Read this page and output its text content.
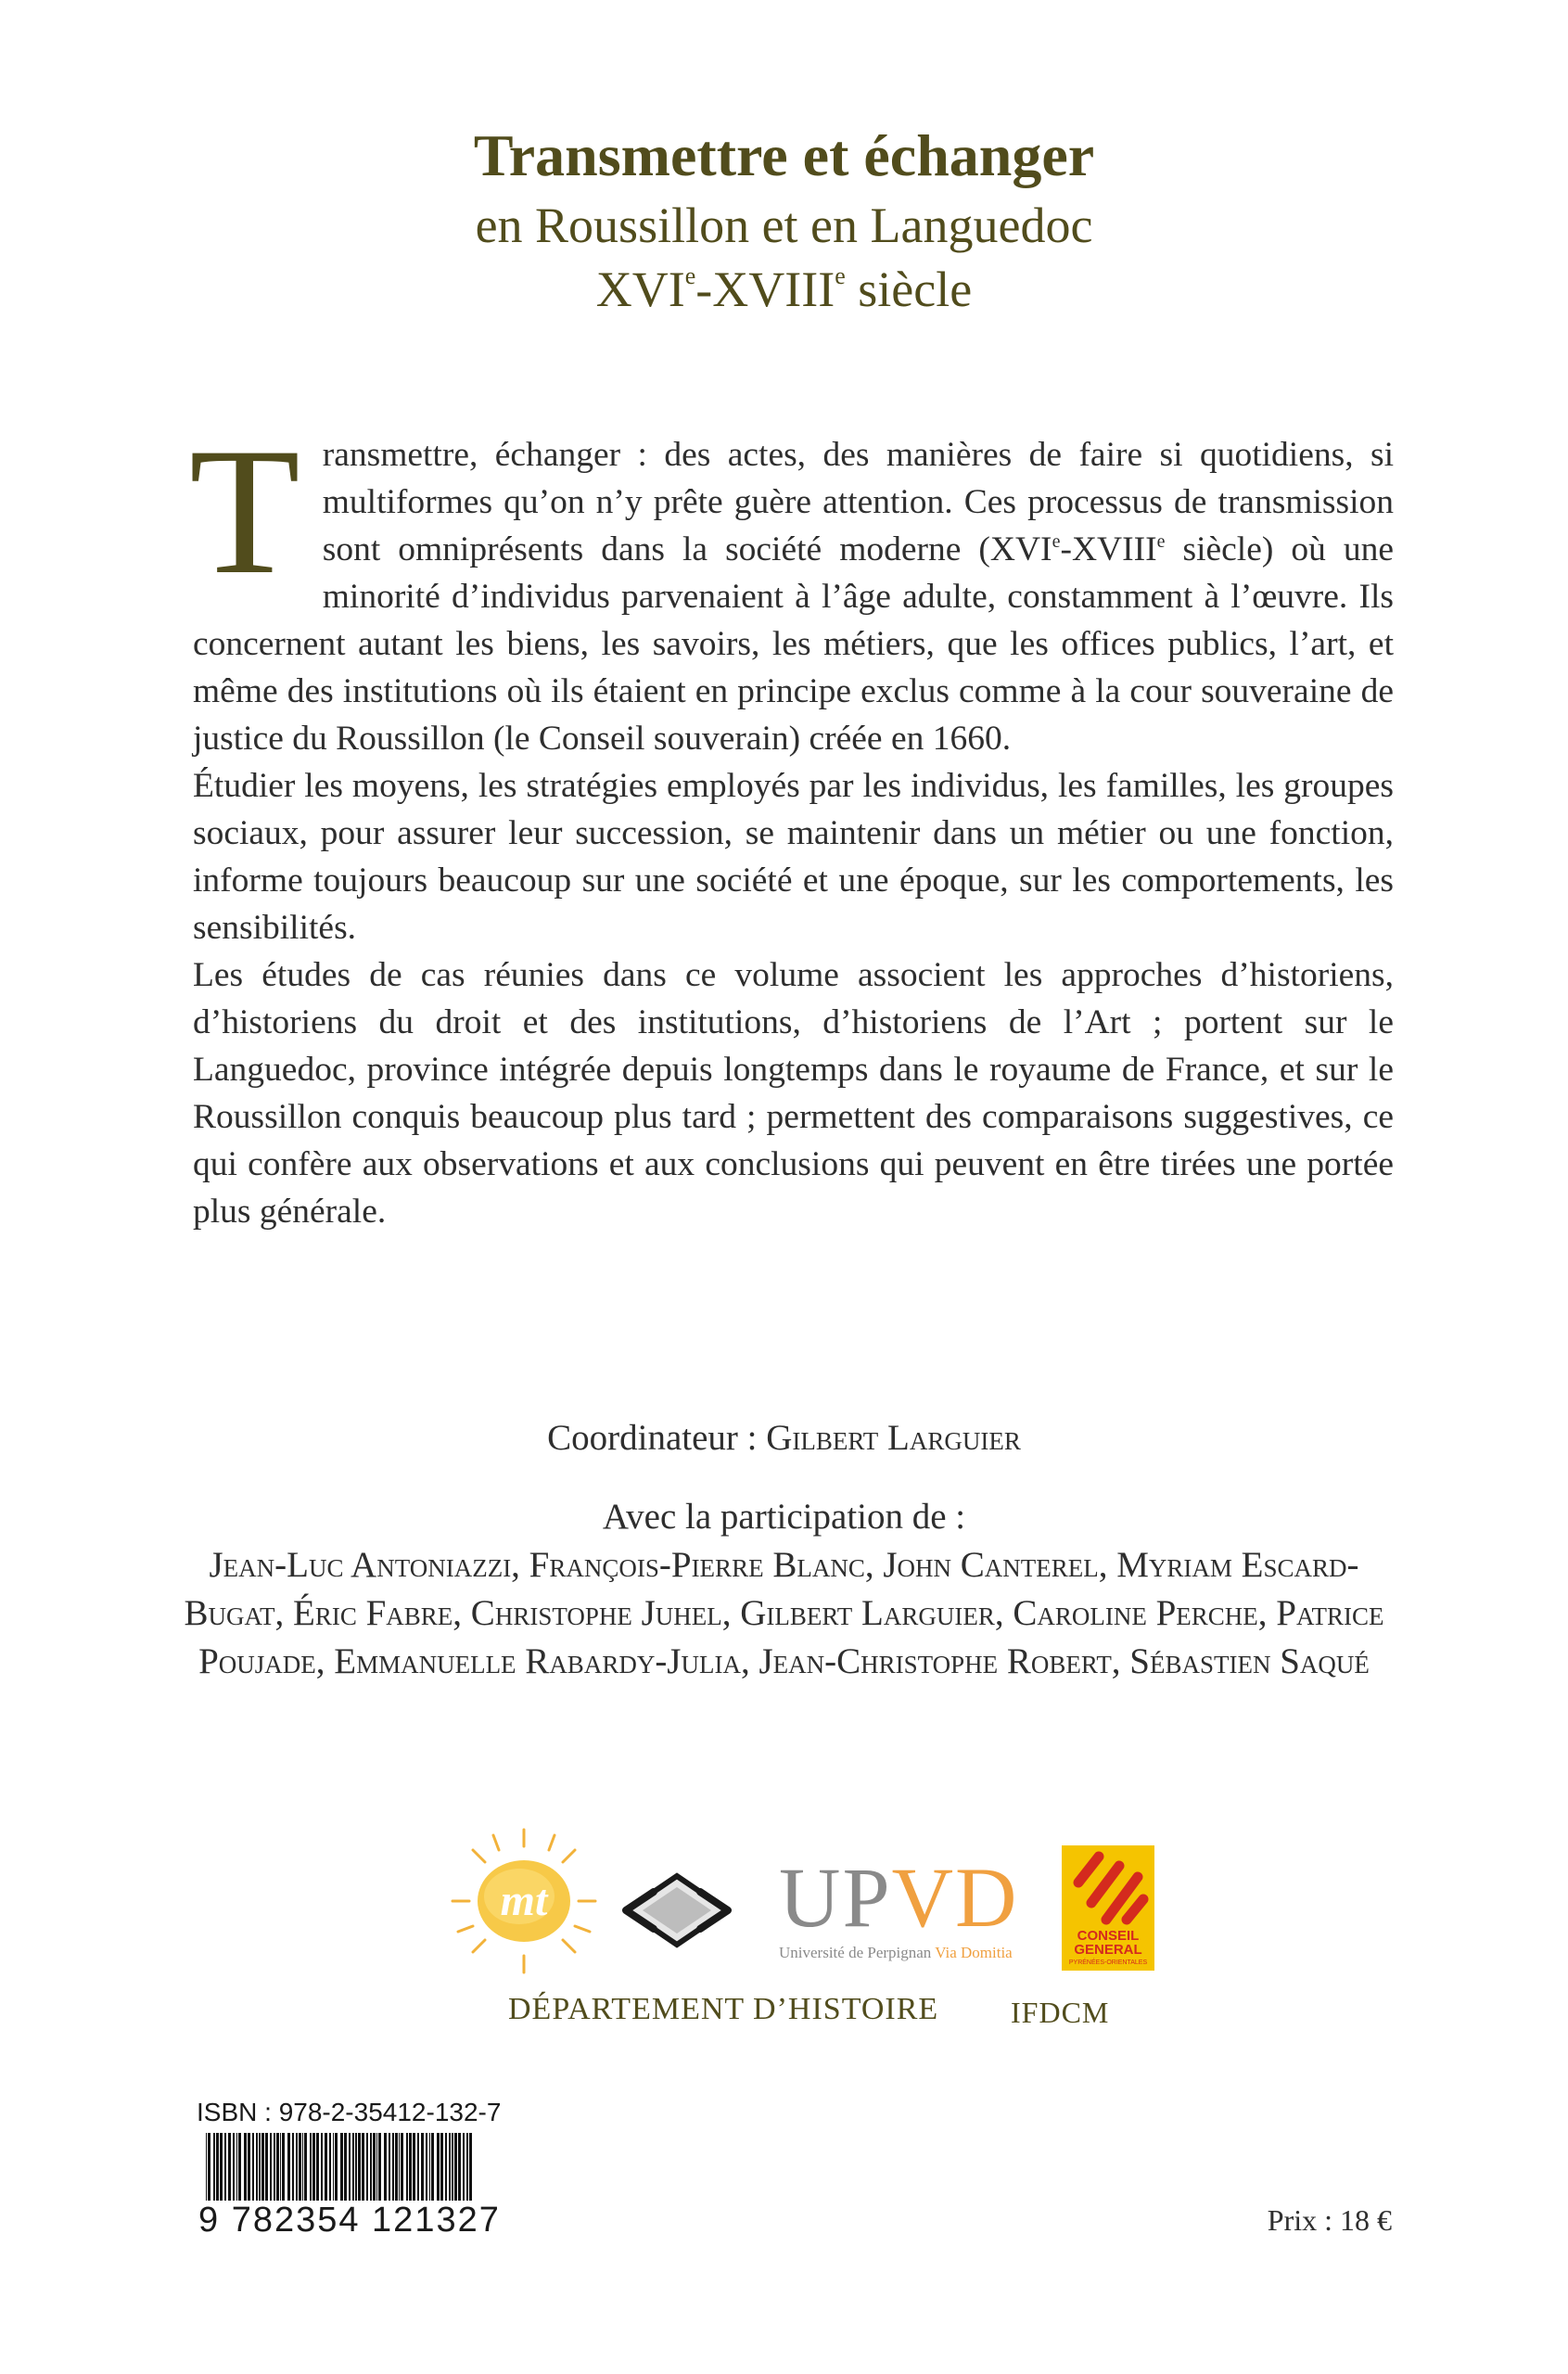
Transmettre et échanger
en Roussillon et en Languedoc
XVIe-XVIIIe siècle

Transmettre, échanger : des actes, des manières de faire si quotidiens, si multiformes qu’on n’y prête guère attention. Ces processus de transmission sont omniprésents dans la société moderne (XVIe-XVIIIe siècle) où une minorité d’individus parvenaient à l’âge adulte, constamment à l’œuvre. Ils concernent autant les biens, les savoirs, les métiers, que les offices publics, l’art, et même des institutions où ils étaient en principe exclus comme à la cour souveraine de justice du Roussillon (le Conseil souverain) créée en 1660.

Étudier les moyens, les stratégies employés par les individus, les familles, les groupes sociaux, pour assurer leur succession, se maintenir dans un métier ou une fonction, informe toujours beaucoup sur une société et une époque, sur les comportements, les sensibilités.

Les études de cas réunies dans ce volume associent les approches d’historiens, d’historiens du droit et des institutions, d’historiens de l’Art ; portent sur le Languedoc, province intégrée depuis longtemps dans le royaume de France, et sur le Roussillon conquis beaucoup plus tard ; permettent des comparaisons suggestives, ce qui confère aux observations et aux conclusions qui peuvent en être tirées une portée plus générale.

Coordinateur : Gilbert Larguier
Avec la participation de :
Jean-Luc Antoniazzi, François-Pierre Blanc, John Canterel, Myriam Escard-Bugat, Éric Fabre, Christophe Juhel, Gilbert Larguier, Caroline Perche, Patrice Poujade, Emmanuelle Rabardy-Julia, Jean-Christophe Robert, Sébastien Saqué
mt	UPVD
Université de Perpignan Via Domitia
CONSEIL
GENERAL
PYRÉNÉES-ORIENTALES
DÉPARTEMENT D’HISTOIRE IFDCM
ISBN : 978-2-35412-132-7
9 782354 121327	Prix : 18 €
